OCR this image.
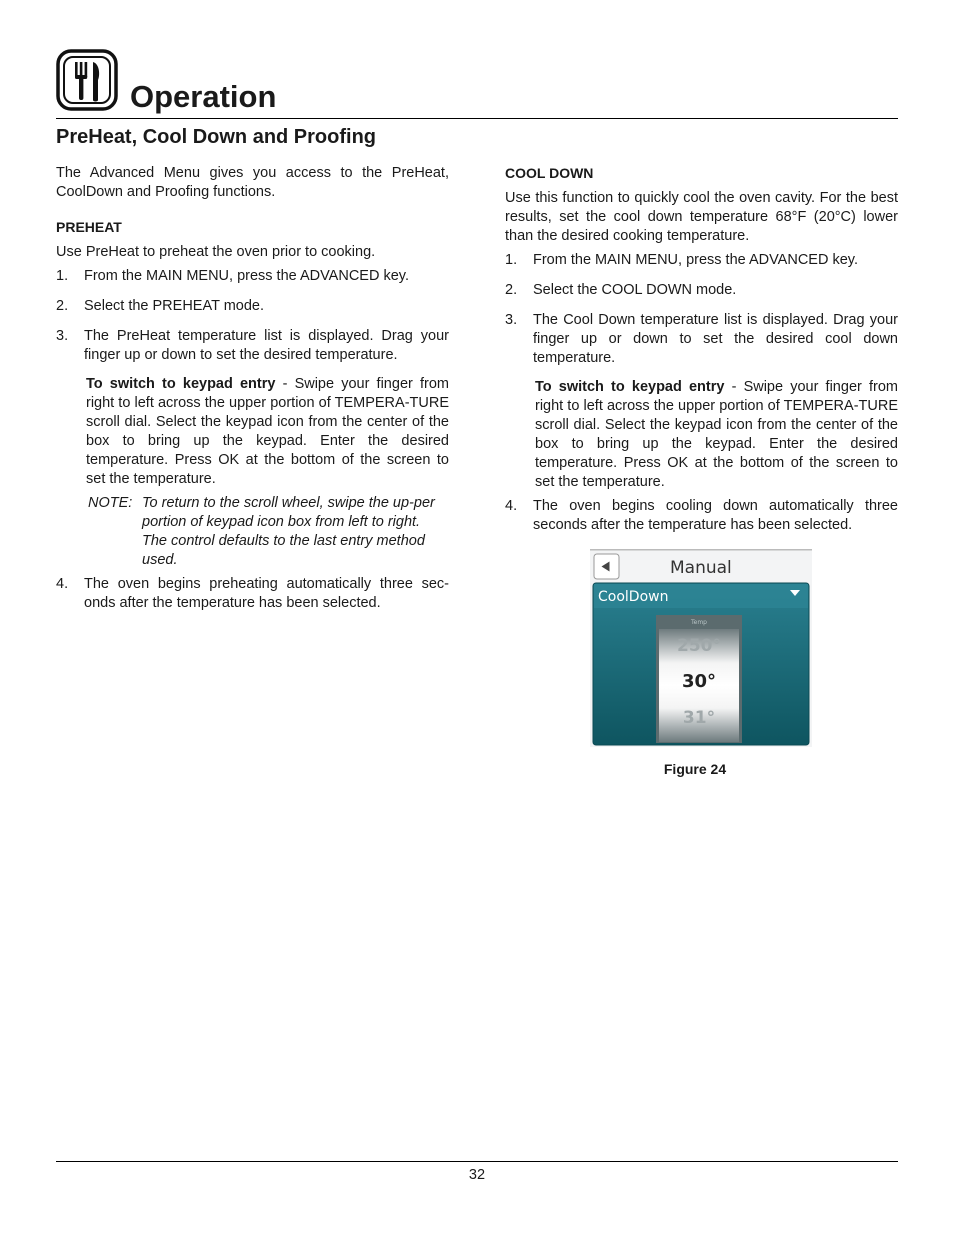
Operation
PreHeat, Cool Down and Proofing

The Advanced Menu gives you access to the PreHeat, CoolDown and Proofing functions.

PREHEAT

Use PreHeat to preheat the oven prior to cooking.

1.	From the MAIN MENU, press the ADVANCED key.
2.	Select the PREHEAT mode.
3.	The PreHeat temperature list is displayed. Drag your finger up or down to set the desired temperature.

To switch to keypad entry - Swipe your finger from right to left across the upper portion of TEMPERA-TURE scroll dial. Select the keypad icon from the center of the box to bring up the keypad. Enter the desired temperature. Press OK at the bottom of the screen to set the temperature.

NOTE: To return to the scroll wheel, swipe the up-per portion of keypad icon box from left to right. The control defaults to the last entry method used.
4.	The oven begins preheating automatically three sec-onds after the temperature has been selected.

COOL DOWN

Use this function to quickly cool the oven cavity. For the best results, set the cool down temperature 68°F (20°C) lower than the desired cooking temperature.

1.	From the MAIN MENU, press the ADVANCED key.
2.	Select the COOL DOWN mode.
3.	The Cool Down temperature list is displayed. Drag your finger up or down to set the desired cool down temperature.

To switch to keypad entry - Swipe your finger from right to left across the upper portion of TEMPERA-TURE scroll dial. Select the keypad icon from the center of the box to bring up the keypad. Enter the desired temperature. Press OK at the bottom of the screen to set the temperature.

4.	The oven begins cooling down automatically three seconds after the temperature has been selected.
Manual
CoolDown
Temp
250°
30°
31°
Figure 24
32
